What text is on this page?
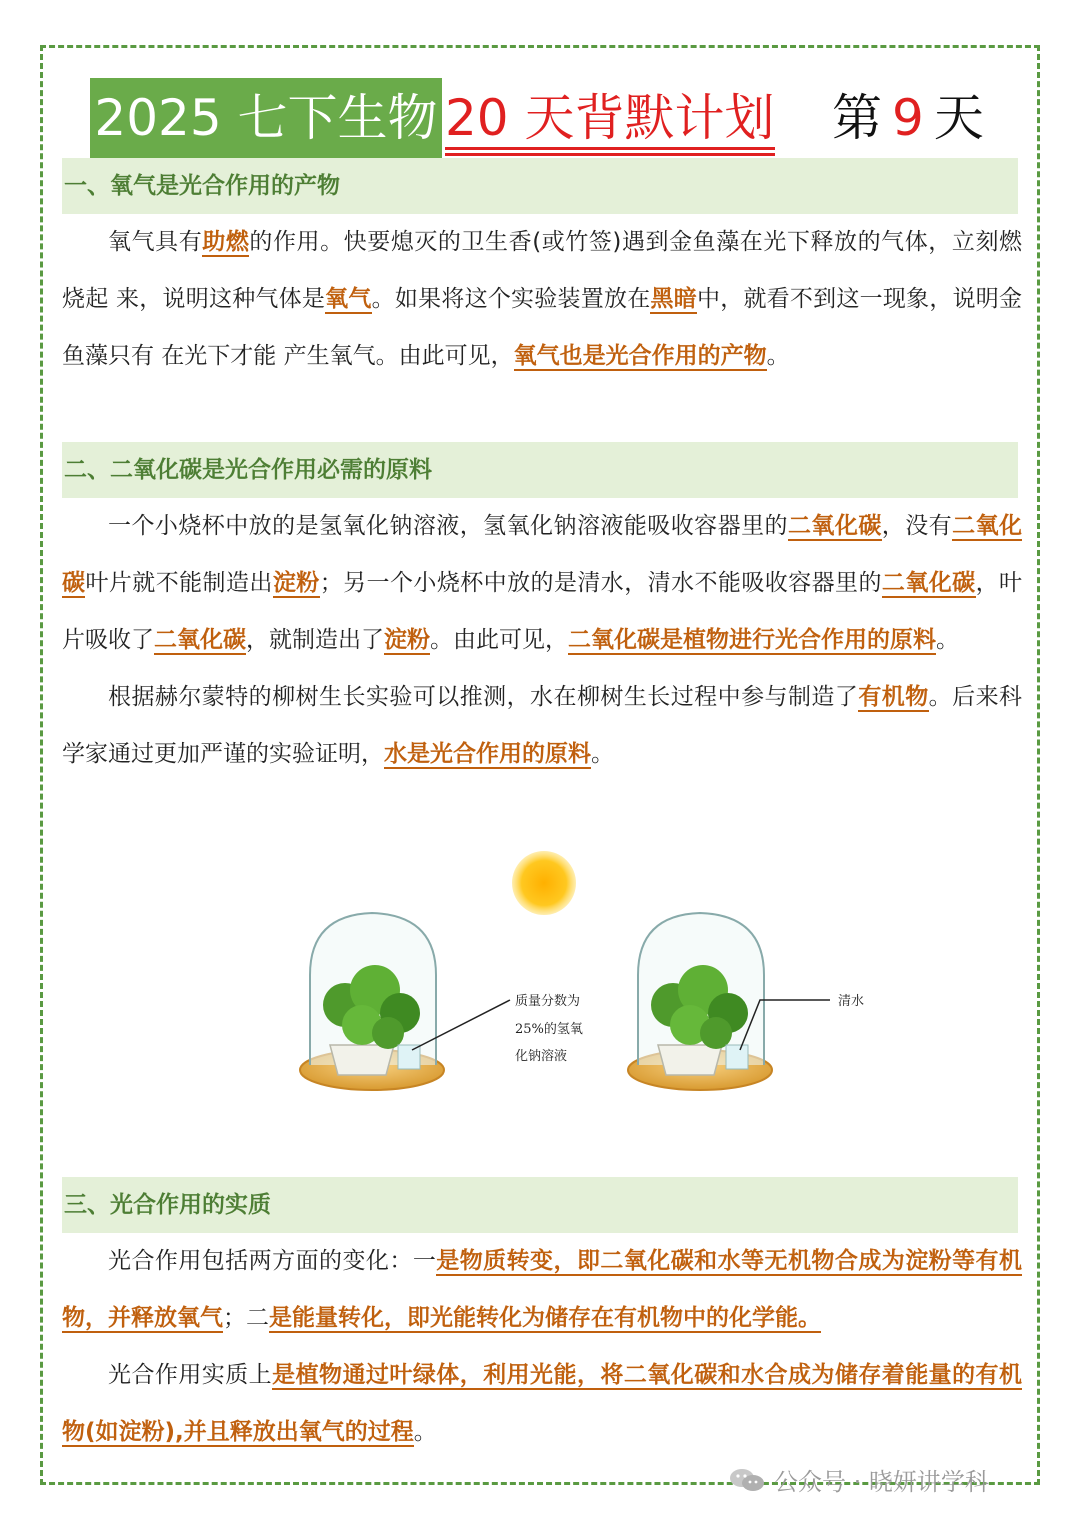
2025 七下生物 20 天背默计划 第 9 天
一、氧气是光合作用的产物

氧气具有助燃的作用。快要熄灭的卫生香(或竹签)遇到金鱼藻在光下释放的气体，立刻燃烧起 来，说明这种气体是氧气。如果将这个实验装置放在黑暗中，就看不到这一现象，说明金鱼藻只有 在光下才能 产生氧气。由此可见，氧气也是光合作用的产物。

二、二氧化碳是光合作用必需的原料

一个小烧杯中放的是氢氧化钠溶液，氢氧化钠溶液能吸收容器里的二氧化碳，没有二氧化碳叶片就不能制造出淀粉；另一个小烧杯中放的是清水，清水不能吸收容器里的二氧化碳，叶片吸收了二氧化碳，就制造出了淀粉。由此可见，二氧化碳是植物进行光合作用的原料。

根据赫尔蒙特的柳树生长实验可以推测，水在柳树生长过程中参与制造了有机物。后来科学家通过更加严谨的实验证明，水是光合作用的原料。

质量分数为
25%的氢氧
化钠溶液
清水
三、光合作用的实质

光合作用包括两方面的变化：一是物质转变，即二氧化碳和水等无机物合成为淀粉等有机物，并释放氧气；二是能量转化，即光能转化为储存在有机物中的化学能。

光合作用实质上是植物通过叶绿体，利用光能，将二氧化碳和水合成为储存着能量的有机物(如淀粉),并且释放出氧气的过程。

公众号 · 晓妍讲学科
